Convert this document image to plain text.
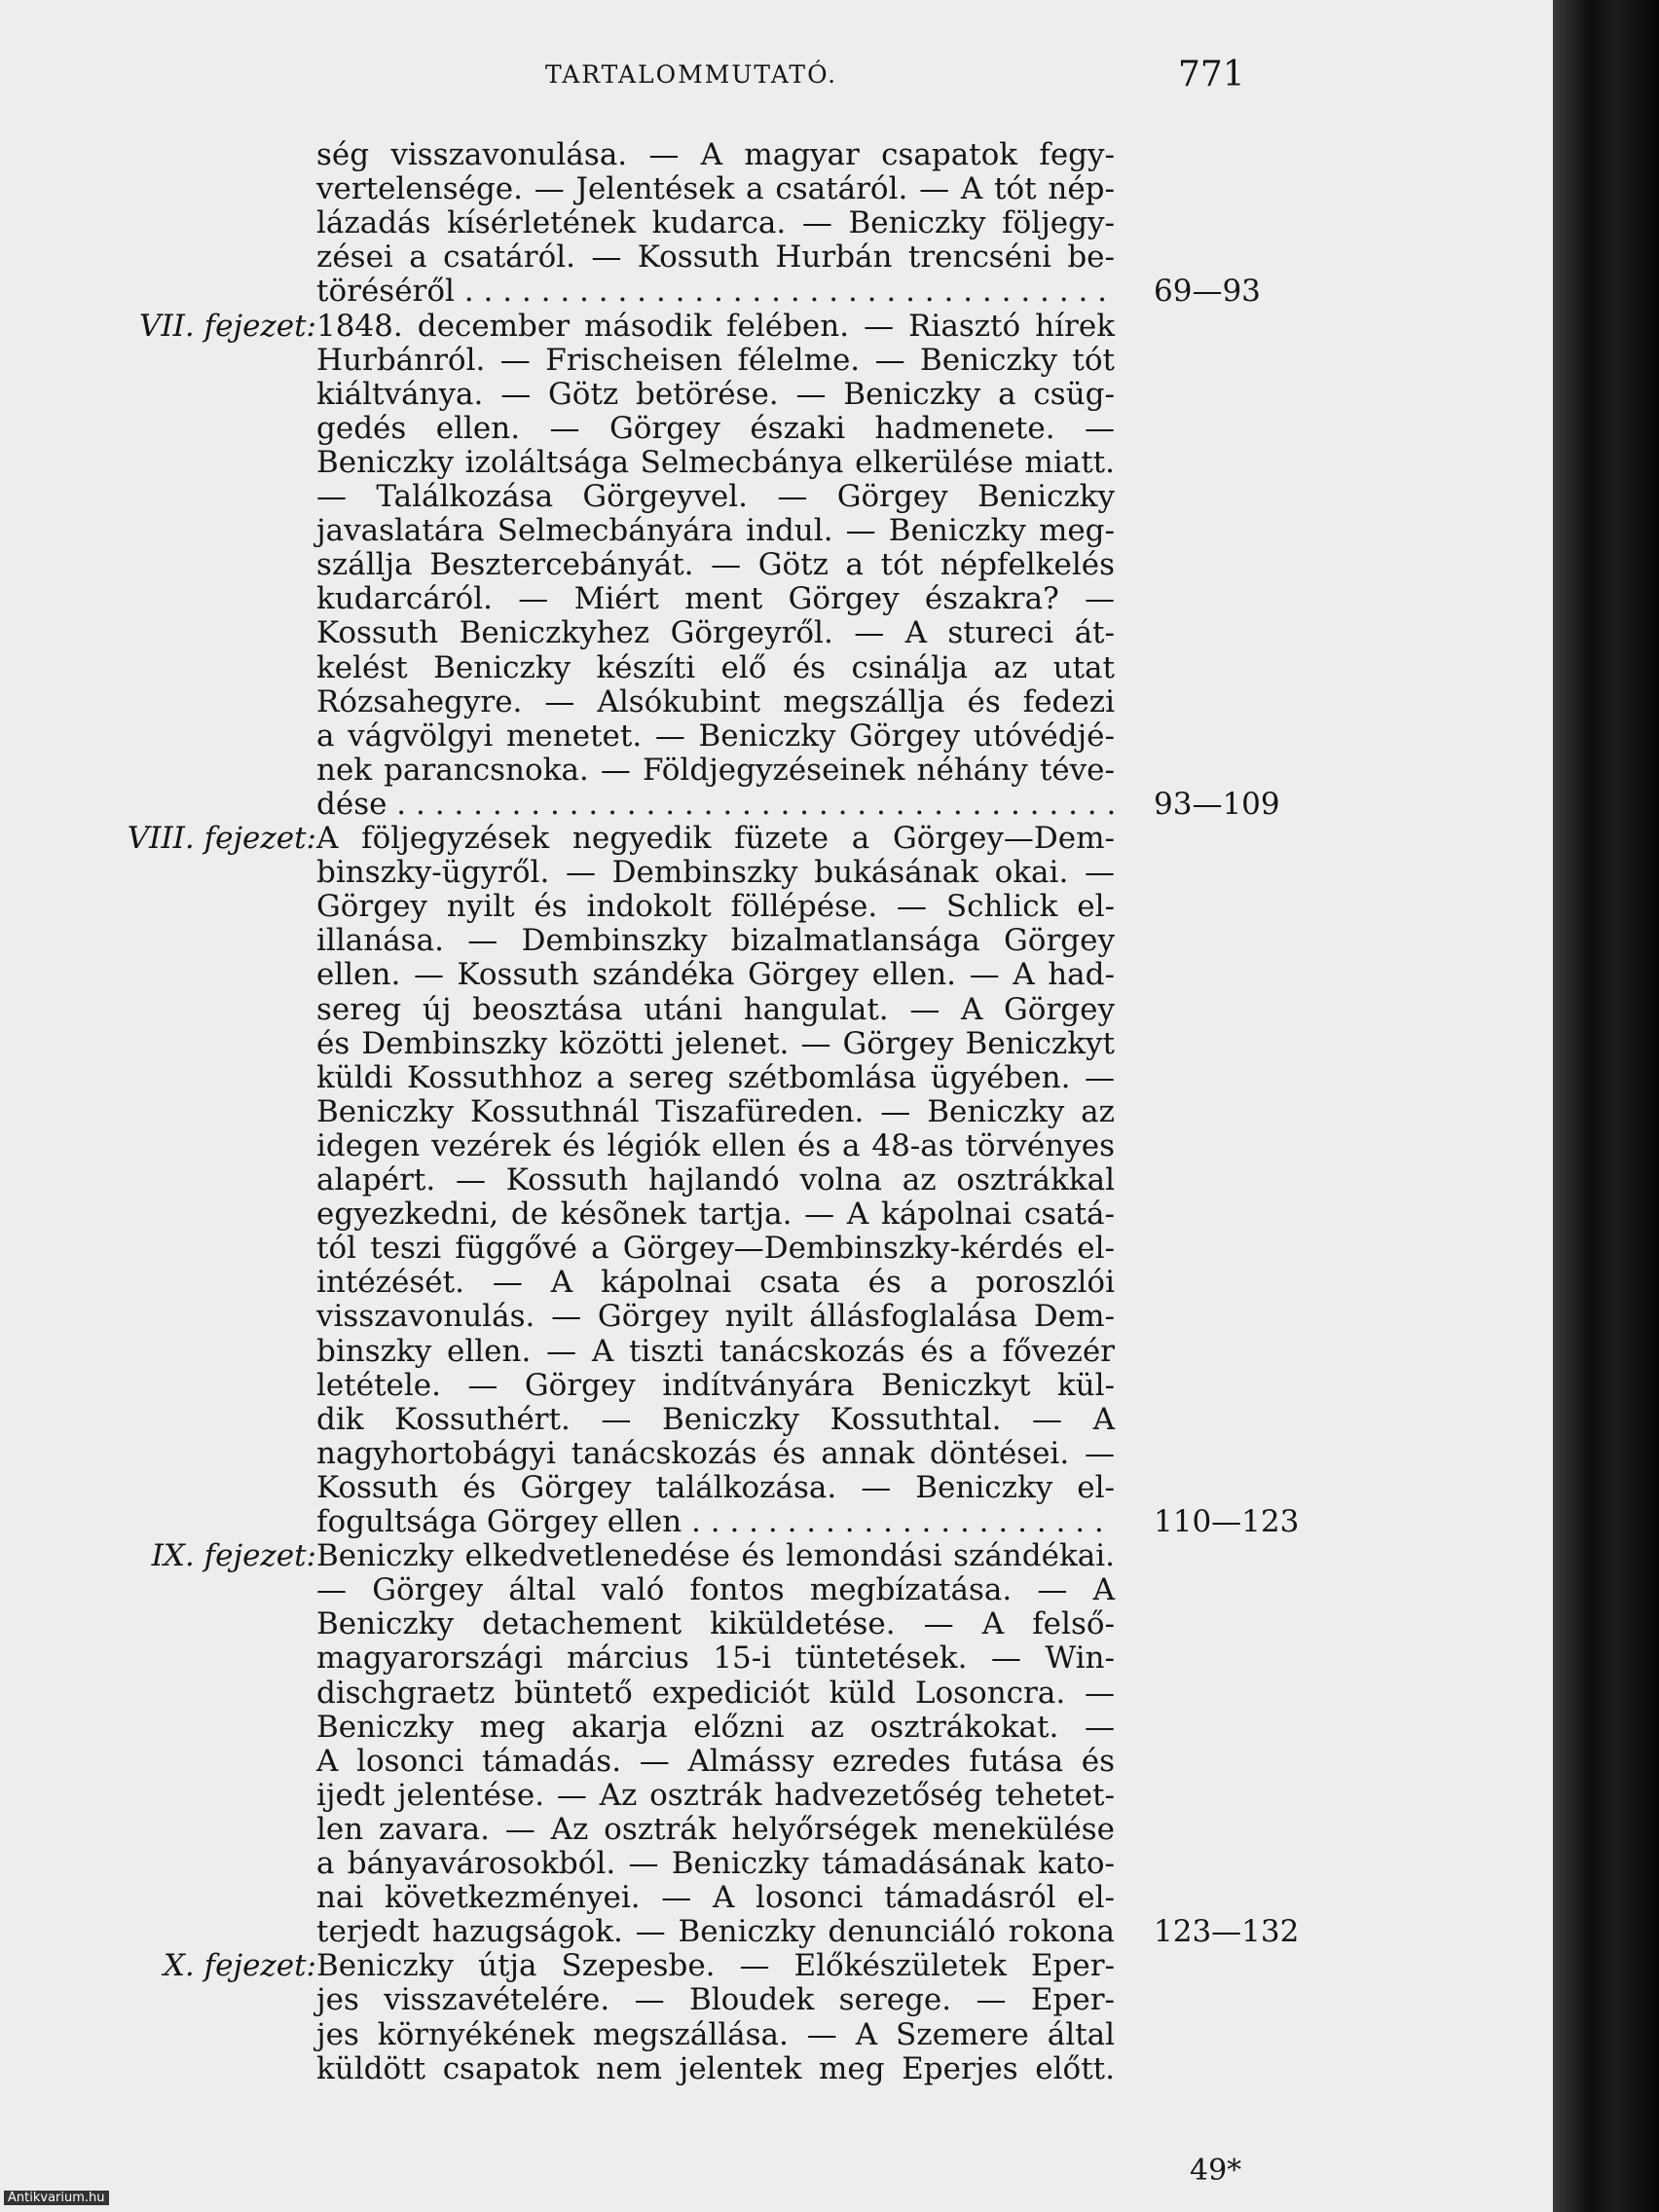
TARTALOMMUTATÓ.	771
ség visszavonulása. — A magyar csapatok fegy-
vertelensége. — Jelentések a csatáról. — A tót nép-
lázadás kísérletének kudarca. — Beniczky följegy-
zései a csatáról. — Kossuth Hurbán trencséni be-
töréséről . . .	69—93
VII. fejezet: 1848. december második felében. — Riasztó hírek
Hurbánról. — Frischeisen félelme. — Beniczky tót
kiáltványa. — Götz betörése. — Beniczky a csüg-
gedés ellen. — Görgey északi hadmenete. —
Beniczky izoláltsága Selmecbánya elkerülése miatt.
— Találkozása Görgeyvel. — Görgey Beniczky
javaslatára Selmecbányára indul. — Beniczky meg-
szállja Besztercebányát. — Götz a tót népfelkelés
kudarcáról. — Miért ment Görgey északra? —
Kossuth Beniczkyhez Görgeyről. — A stureci át-
kelést Beniczky készíti elő és csinálja az utat
Rózsahegyre. — Alsókubint megszállja és fedezi
a vágvölgyi menetet. — Beniczky Görgey utóvédjé-
nek parancsnoka. — Földjegyzéseinek néhány téve-
dése . . .	93—109
VIII. fejezet: A följegyzések negyedik füzete a Görgey—Dem-
binszky-ügyről. — Dembinszky bukásának okai. —
Görgey nyilt és indokolt föllépése. — Schlick el-
illanása. — Dembinszky bizalmatlansága Görgey
ellen. — Kossuth szándéka Görgey ellen. — A had-
sereg új beosztása utáni hangulat. — A Görgey
és Dembinszky közötti jelenet. — Görgey Beniczkyt
küldi Kossuthhoz a sereg szétbomlása ügyében. —
Beniczky Kossuthnál Tiszafüreden. — Beniczky az
idegen vezérek és légiók ellen és a 48-as törvényes
alapért. — Kossuth hajlandó volna az osztrákkal
egyezkedni, de késõnek tartja. — A kápolnai csatá-
tól teszi függővé a Görgey—Dembinszky-kérdés el-
intézését. — A kápolnai csata és a poroszlói
visszavonulás. — Görgey nyilt állásfoglalása Dem-
binszky ellen. — A tiszti tanácskozás és a fővezér
letétele. — Görgey indítványára Beniczkyt kül-
dik Kossuthért. — Beniczky Kossuthtal. — A
nagyhortobágyi tanácskozás és annak döntései. —
Kossuth és Görgey találkozása. — Beniczky el-
fogultsága Görgey ellen . . .	110—123
IX. fejezet: Beniczky elkedvetlenedése és lemondási szándékai.
— Görgey által való fontos megbízatása. — A
Beniczky detachement kiküldetése. — A felső-
magyarországi március 15-i tüntetések. — Win-
dischgraetz büntető expediciót küld Losoncra. —
Beniczky meg akarja előzni az osztrákokat. —
A losonci támadás. — Almássy ezredes futása és
ijedt jelentése. — Az osztrák hadvezetőség tehetet-
len zavara. — Az osztrák helyőrségek menekülése
a bányavárosokból. — Beniczky támadásának kato-
nai következményei. — A losonci támadásról el-
terjedt hazugságok. — Beniczky denunciáló rokona 123—132
X. fejezet: Beniczky útja Szepesbe. — Előkészületek Eper-
jes visszavételére. — Bloudek serege. — Eper-
jes környékének megszállása. — A Szemere által
küldött csapatok nem jelentek meg Eperjes előtt.
49*
Antikvarium.hu
